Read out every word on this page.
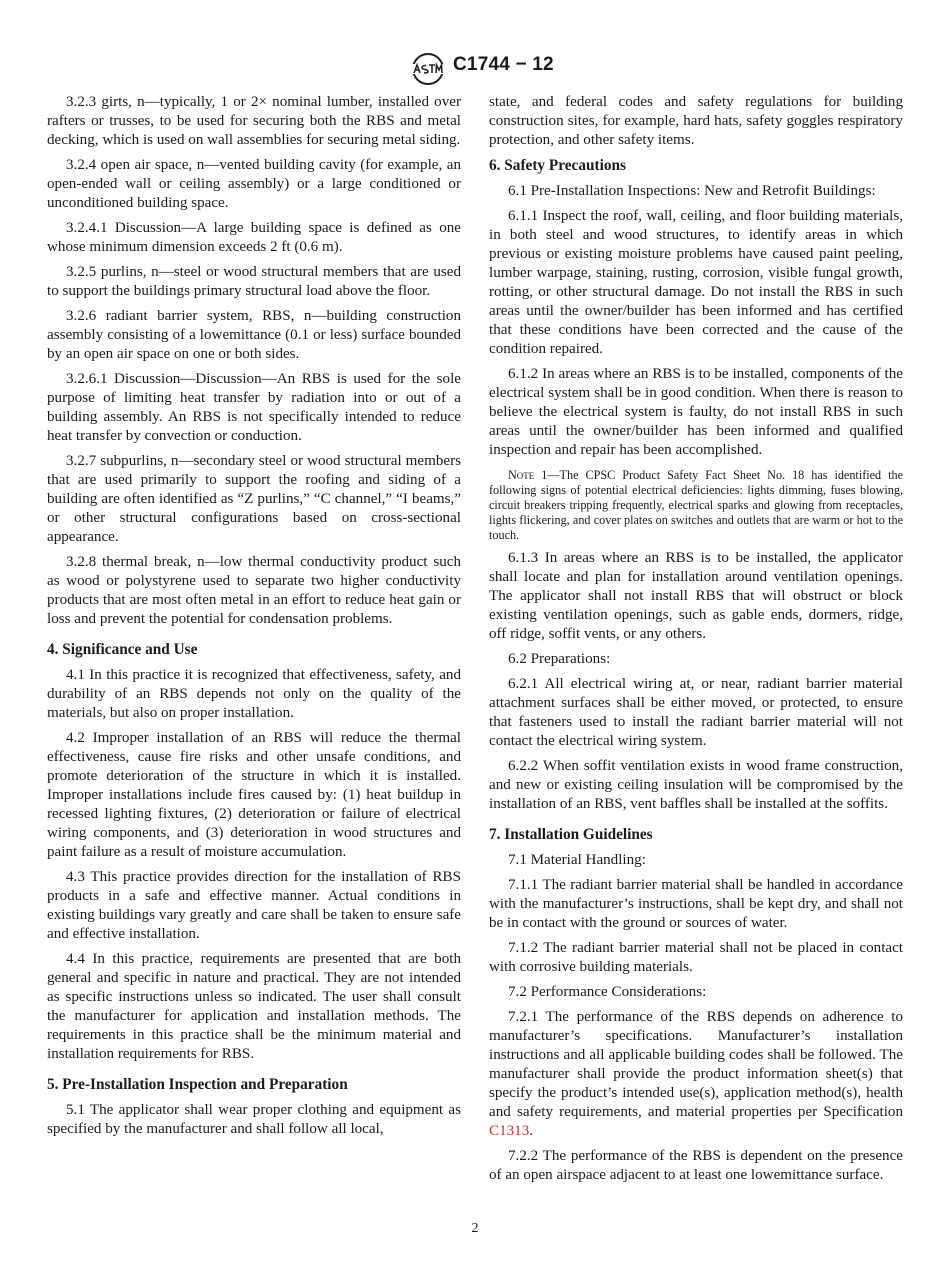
C1744 − 12

3.2.3 girts, n—typically, 1 or 2× nominal lumber, installed over rafters or trusses, to be used for securing both the RBS and metal decking, which is used on wall assemblies for securing metal siding.

3.2.4 open air space, n—vented building cavity (for example, an open-ended wall or ceiling assembly) or a large conditioned or unconditioned building space.

3.2.4.1 Discussion—A large building space is defined as one whose minimum dimension exceeds 2 ft (0.6 m).

3.2.5 purlins, n—steel or wood structural members that are used to support the buildings primary structural load above the floor.

3.2.6 radiant barrier system, RBS, n—building construction assembly consisting of a lowemittance (0.1 or less) surface bounded by an open air space on one or both sides.

3.2.6.1 Discussion—Discussion—An RBS is used for the sole purpose of limiting heat transfer by radiation into or out of a building assembly. An RBS is not specifically intended to reduce heat transfer by convection or conduction.

3.2.7 subpurlins, n—secondary steel or wood structural members that are used primarily to support the roofing and siding of a building are often identified as “Z purlins,” “C channel,” “I beams,” or other structural configurations based on cross-sectional appearance.

3.2.8 thermal break, n—low thermal conductivity product such as wood or polystyrene used to separate two higher conductivity products that are most often metal in an effort to reduce heat gain or loss and prevent the potential for condensation problems.

4. Significance and Use

4.1 In this practice it is recognized that effectiveness, safety, and durability of an RBS depends not only on the quality of the materials, but also on proper installation.

4.2 Improper installation of an RBS will reduce the thermal effectiveness, cause fire risks and other unsafe conditions, and promote deterioration of the structure in which it is installed. Improper installations include fires caused by: (1) heat buildup in recessed lighting fixtures, (2) deterioration or failure of electrical wiring components, and (3) deterioration in wood structures and paint failure as a result of moisture accumulation.

4.3 This practice provides direction for the installation of RBS products in a safe and effective manner. Actual conditions in existing buildings vary greatly and care shall be taken to ensure safe and effective installation.

4.4 In this practice, requirements are presented that are both general and specific in nature and practical. They are not intended as specific instructions unless so indicated. The user shall consult the manufacturer for application and installation methods. The requirements in this practice shall be the minimum material and installation requirements for RBS.

5. Pre-Installation Inspection and Preparation

5.1 The applicator shall wear proper clothing and equipment as specified by the manufacturer and shall follow all local,

state, and federal codes and safety regulations for building construction sites, for example, hard hats, safety goggles respiratory protection, and other safety items.

6. Safety Precautions

6.1 Pre-Installation Inspections: New and Retrofit Buildings:

6.1.1 Inspect the roof, wall, ceiling, and floor building materials, in both steel and wood structures, to identify areas in which previous or existing moisture problems have caused paint peeling, lumber warpage, staining, rusting, corrosion, visible fungal growth, rotting, or other structural damage. Do not install the RBS in such areas until the owner/builder has been informed and has certified that these conditions have been corrected and the cause of the condition repaired.

6.1.2 In areas where an RBS is to be installed, components of the electrical system shall be in good condition. When there is reason to believe the electrical system is faulty, do not install RBS in such areas until the owner/builder has been informed and qualified inspection and repair has been accomplished.

Note 1—The CPSC Product Safety Fact Sheet No. 18 has identified the following signs of potential electrical deficiencies: lights dimming, fuses blowing, circuit breakers tripping frequently, electrical sparks and glowing from receptacles, lights flickering, and cover plates on switches and outlets that are warm or hot to the touch.

6.1.3 In areas where an RBS is to be installed, the applicator shall locate and plan for installation around ventilation openings. The applicator shall not install RBS that will obstruct or block existing ventilation openings, such as gable ends, dormers, ridge, off ridge, soffit vents, or any others.

6.2 Preparations:

6.2.1 All electrical wiring at, or near, radiant barrier material attachment surfaces shall be either moved, or protected, to ensure that fasteners used to install the radiant barrier material will not contact the electrical wiring system.

6.2.2 When soffit ventilation exists in wood frame construction, and new or existing ceiling insulation will be compromised by the installation of an RBS, vent baffles shall be installed at the soffits.

7. Installation Guidelines

7.1 Material Handling:

7.1.1 The radiant barrier material shall be handled in accordance with the manufacturer’s instructions, shall be kept dry, and shall not be in contact with the ground or sources of water.

7.1.2 The radiant barrier material shall not be placed in contact with corrosive building materials.

7.2 Performance Considerations:

7.2.1 The performance of the RBS depends on adherence to manufacturer’s specifications. Manufacturer’s installation instructions and all applicable building codes shall be followed. The manufacturer shall provide the product information sheet(s) that specify the product’s intended use(s), application method(s), health and safety requirements, and material properties per Specification C1313.

7.2.2 The performance of the RBS is dependent on the presence of an open airspace adjacent to at least one lowemittance surface.

2
